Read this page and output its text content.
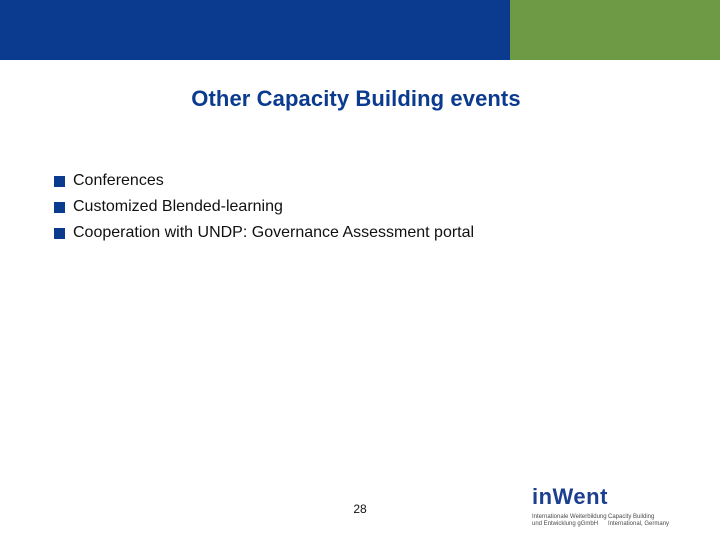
Other Capacity Building events
Conferences
Customized Blended-learning
Cooperation with UNDP: Governance Assessment portal
28	inWent
Internationale Weiterbildung
und Entwicklung gGmbH
Capacity Building
International, Germany
